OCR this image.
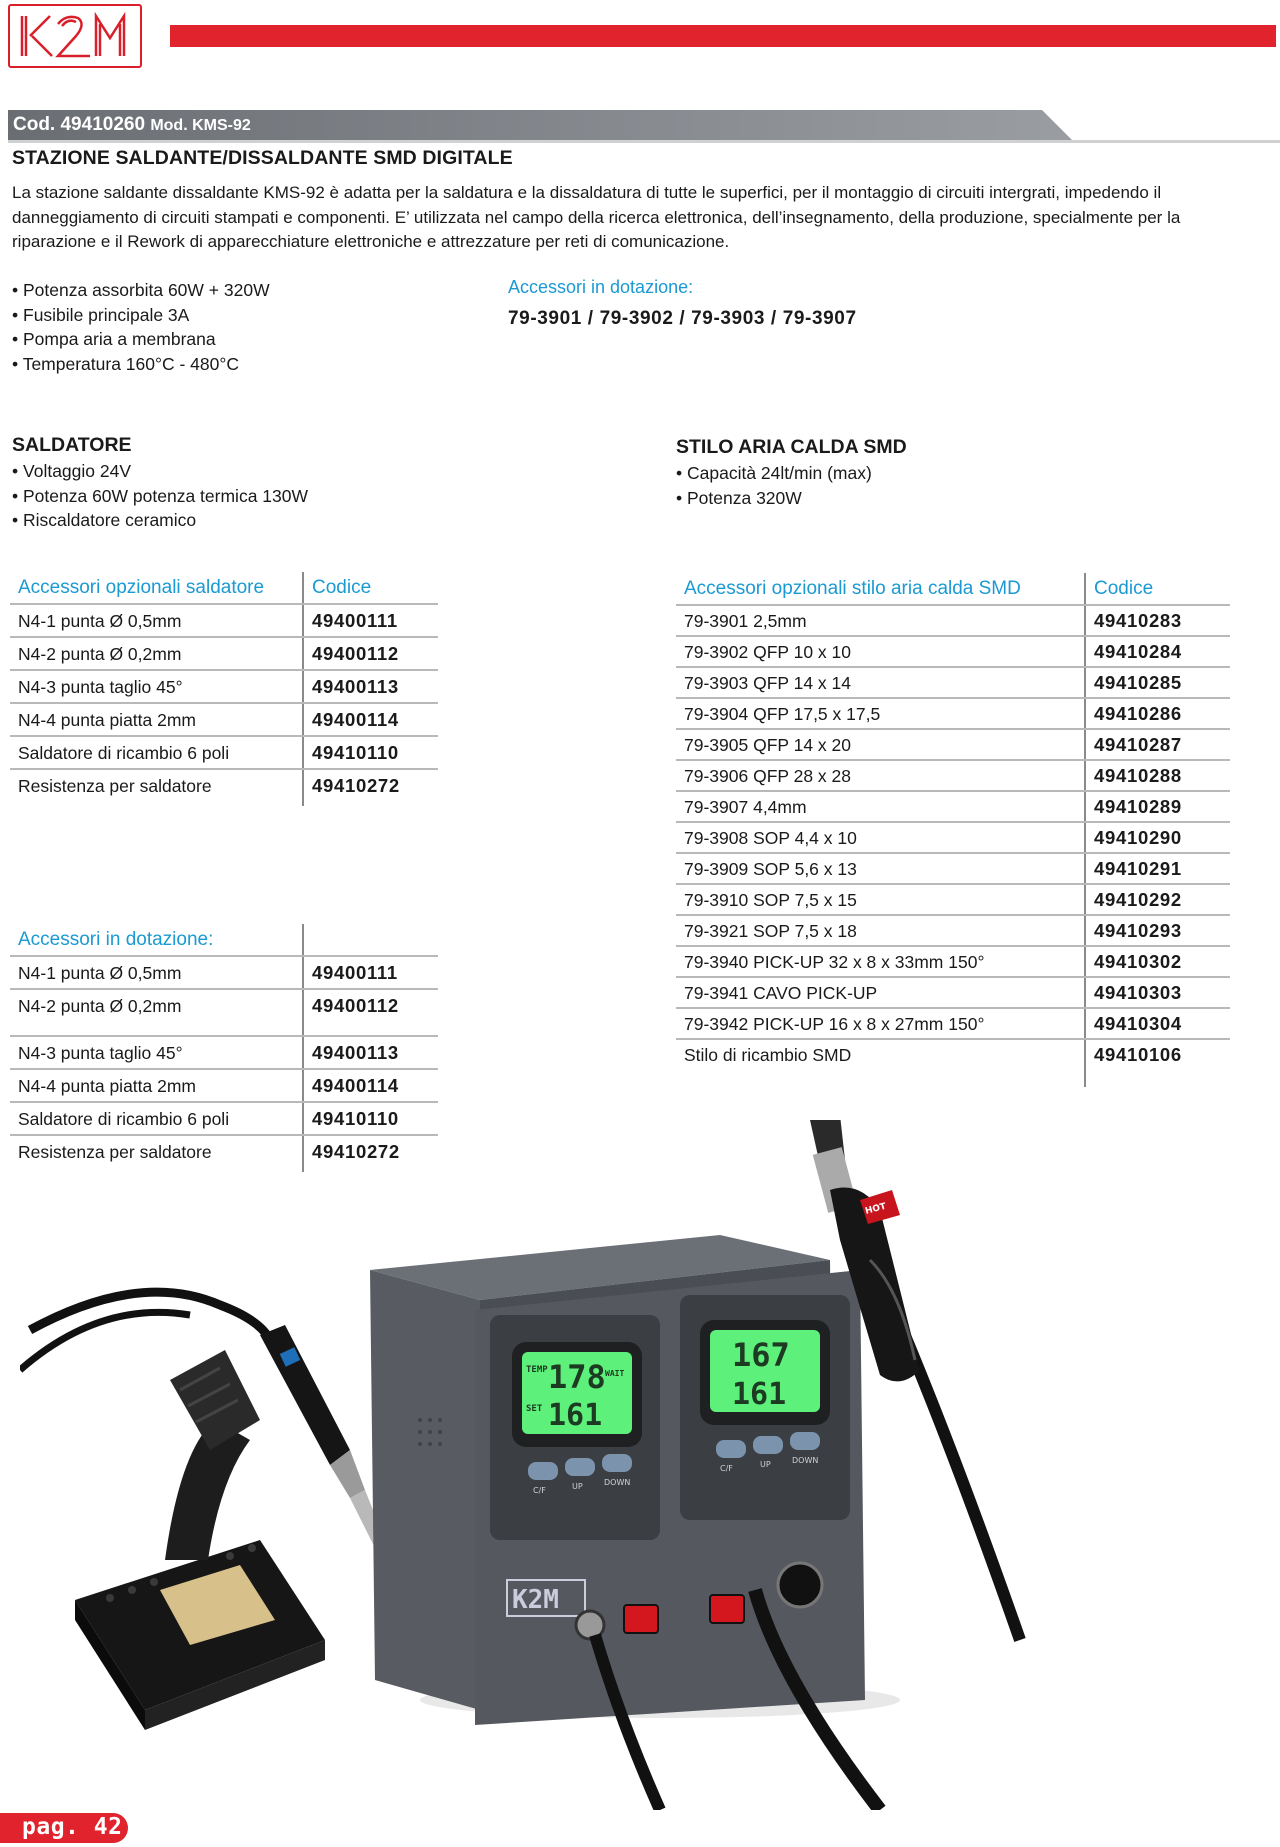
Cod. 49410260 Mod. KMS-92
STAZIONE SALDANTE/DISSALDANTE SMD DIGITALE
La stazione saldante dissaldante KMS-92 è adatta per la saldatura e la dissaldatura di tutte le superfici, per il montaggio di circuiti intergrati, impedendo il danneggiamento di circuiti stampati e componenti. E’ utilizzata nel campo della ricerca elettronica, dell’insegnamento, della produzione, specialmente per la riparazione e il Rework di apparecchiature elettroniche e attrezzature per reti di comunicazione.
• Potenza assorbita 60W + 320W
• Fusibile principale 3A
• Pompa aria a membrana
• Temperatura 160°C - 480°C
Accessori in dotazione:
79-3901 / 79-3902 / 79-3903 / 79-3907
SALDATORE
• Voltaggio 24V
• Potenza 60W potenza termica 130W
• Riscaldatore ceramico
STILO ARIA CALDA SMD
• Capacità 24lt/min (max)
• Potenza 320W
Accessori opzionali saldatore	Codice
N4-1 punta Ø 0,5mm	49400111
N4-2 punta Ø 0,2mm	49400112
N4-3 punta taglio 45°	49400113
N4-4 punta piatta 2mm	49400114
Saldatore di ricambio 6 poli	49410110
Resistenza per saldatore	49410272
Accessori in dotazione:
N4-1 punta Ø 0,5mm	49400111
N4-2 punta Ø 0,2mm	49400112
N4-3 punta taglio 45°	49400113
N4-4 punta piatta 2mm	49400114
Saldatore di ricambio 6 poli	49410110
Resistenza per saldatore	49410272
Accessori opzionali stilo aria calda SMD	Codice
79-3901 2,5mm	49410283
79-3902 QFP 10 x 10	49410284
79-3903 QFP 14 x 14	49410285
79-3904 QFP 17,5 x 17,5	49410286
79-3905 QFP 14 x 20	49410287
79-3906 QFP 28 x 28	49410288
79-3907 4,4mm	49410289
79-3908 SOP 4,4 x 10	49410290
79-3909 SOP 5,6 x 13	49410291
79-3910 SOP 7,5 x 15	49410292
79-3921 SOP 7,5 x 18	49410293
79-3940 PICK-UP 32 x 8 x 33mm 150°	49410302
79-3941 CAVO PICK-UP	49410303
79-3942 PICK-UP 16 x 8 x 27mm 150°	49410304
Stilo di ricambio SMD	49410106
TEMP
SET
WAIT
178
161
167
161
C/F	UP	DOWN
C/F	UP	DOWN
K2M
HOT
pag. 42
